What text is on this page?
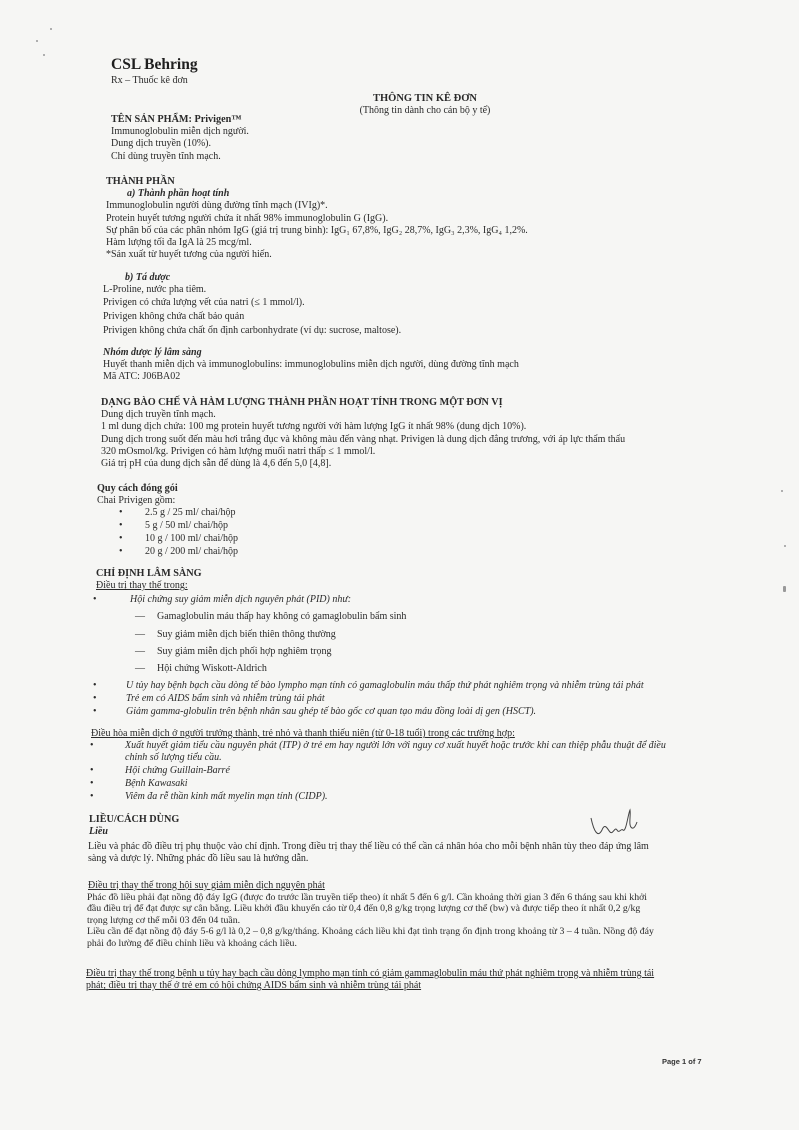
CSL Behring
Rx – Thuốc kê đơn
THÔNG TIN KÊ ĐƠN
(Thông tin dành cho cán bộ y tế)
TÊN SẢN PHẨM: Privigen™
Immunoglobulin miễn dịch người.
Dung dịch truyền (10%).
Chỉ dùng truyền tĩnh mạch.
THÀNH PHẦN
a) Thành phần hoạt tính
Immunoglobulin người dùng đường tĩnh mạch (IVIg)*.
Protein huyết tương người chứa ít nhất 98% immunoglobulin G (IgG).
Sự phân bố của các phân nhóm IgG (giá trị trung bình): IgG₁ 67,8%, IgG₂ 28,7%, IgG₃ 2,3%, IgG₄ 1,2%.
Hàm lượng tối đa IgA là 25 mcg/ml.
*Sản xuất từ huyết tương của người hiến.
b) Tá dược
L-Proline, nước pha tiêm.
Privigen có chứa lượng vết của natri (≤ 1 mmol/l).
Privigen không chứa chất bảo quản
Privigen không chứa chất ổn định carbonhydrate (ví dụ: sucrose, maltose).
Nhóm dược lý lâm sàng
Huyết thanh miễn dịch và immunoglobulins: immunoglobulins miễn dịch người, dùng đường tĩnh mạch
Mã ATC: J06BA02
DẠNG BÀO CHẾ VÀ HÀM LƯỢNG THÀNH PHẦN HOẠT TÍNH TRONG MỘT ĐƠN VỊ
Dung dịch truyền tĩnh mạch.
1 ml dung dịch chứa: 100 mg protein huyết tương người với hàm lượng IgG ít nhất 98% (dung dịch 10%).
Dung dịch trong suốt đến màu hơi trắng đục và không màu đến vàng nhạt. Privigen là dung dịch đẳng trương, với áp lực thẩm thấu
320 mOsmol/kg. Privigen có hàm lượng muối natri thấp ≤ 1 mmol/l.
Giá trị pH của dung dịch sẵn để dùng là 4,6 đến 5,0 [4,8].
Quy cách đóng gói
Chai Privigen gồm:
• 2.5 g / 25 ml/ chai/hộp
• 5 g / 50 ml/ chai/hộp
• 10 g / 100 ml/ chai/hộp
• 20 g / 200 ml/ chai/hộp
CHỈ ĐỊNH LÂM SÀNG
Điều trị thay thế trong:
•	Hội chứng suy giảm miễn dịch nguyên phát (PID) như:
— Gamaglobulin máu thấp hay không có gamaglobulin bẩm sinh
— Suy giảm miễn dịch biến thiên thông thường
— Suy giảm miễn dịch phối hợp nghiêm trọng
— Hội chứng Wiskott-Aldrich
•	U tủy hay bệnh bạch cầu dòng tế bào lympho mạn tính có gamaglobulin máu thấp thứ phát nghiêm trọng và nhiễm trùng tái phát
•	Trẻ em có AIDS bẩm sinh và nhiễm trùng tái phát
•	Giảm gamma-globulin trên bệnh nhân sau ghép tế bào gốc cơ quan tạo máu đồng loài dị gen (HSCT).
Điều hòa miễn dịch ở người trưởng thành, trẻ nhỏ và thanh thiếu niên (từ 0-18 tuổi) trong các trường hợp:
•	Xuất huyết giảm tiểu cầu nguyên phát (ITP) ở trẻ em hay người lớn với nguy cơ xuất huyết hoặc trước khi can thiệp phẫu thuật để điều
chỉnh số lượng tiểu cầu.
•	Hội chứng Guillain-Barré
•	Bệnh Kawasaki
•	Viêm đa rễ thần kinh mất myelin mạn tính (CIDP).
LIỀU/CÁCH DÙNG
Liều
Liều và phác đồ điều trị phụ thuộc vào chỉ định. Trong điều trị thay thế liều có thể cần cá nhân hóa cho mỗi bệnh nhân tùy theo đáp ứng lâm
sàng và dược lý. Những phác đồ liều sau là hướng dẫn.
Điều trị thay thế trong hội suy giảm miễn dịch nguyên phát
Phác đồ liều phải đạt nồng độ đáy IgG (được đo trước lần truyền tiếp theo) ít nhất 5 đến 6 g/l. Cần khoảng thời gian 3 đến 6 tháng sau khi khởi
đầu điều trị để đạt được sự cân bằng. Liều khởi đầu khuyến cáo từ 0,4 đến 0,8 g/kg trọng lượng cơ thể (bw) và được tiếp theo ít nhất 0,2 g/kg
trọng lượng cơ thể mỗi 03 đến 04 tuần.
Liều cần để đạt nồng độ đáy 5-6 g/l là 0,2 – 0,8 g/kg/tháng. Khoảng cách liều khi đạt tình trạng ổn định trong khoảng từ 3 – 4 tuần. Nồng độ đáy
phải đo lường để điều chỉnh liều và khoảng cách liều.
Điều trị thay thế trong bệnh u tủy hay bạch cầu dòng lympho mạn tính có giảm gammaglobulin máu thứ phát nghiêm trọng và nhiễm trùng tái
phát; điều trị thay thế ở trẻ em có hội chứng AIDS bẩm sinh và nhiễm trùng tái phát
Page 1 of 7
